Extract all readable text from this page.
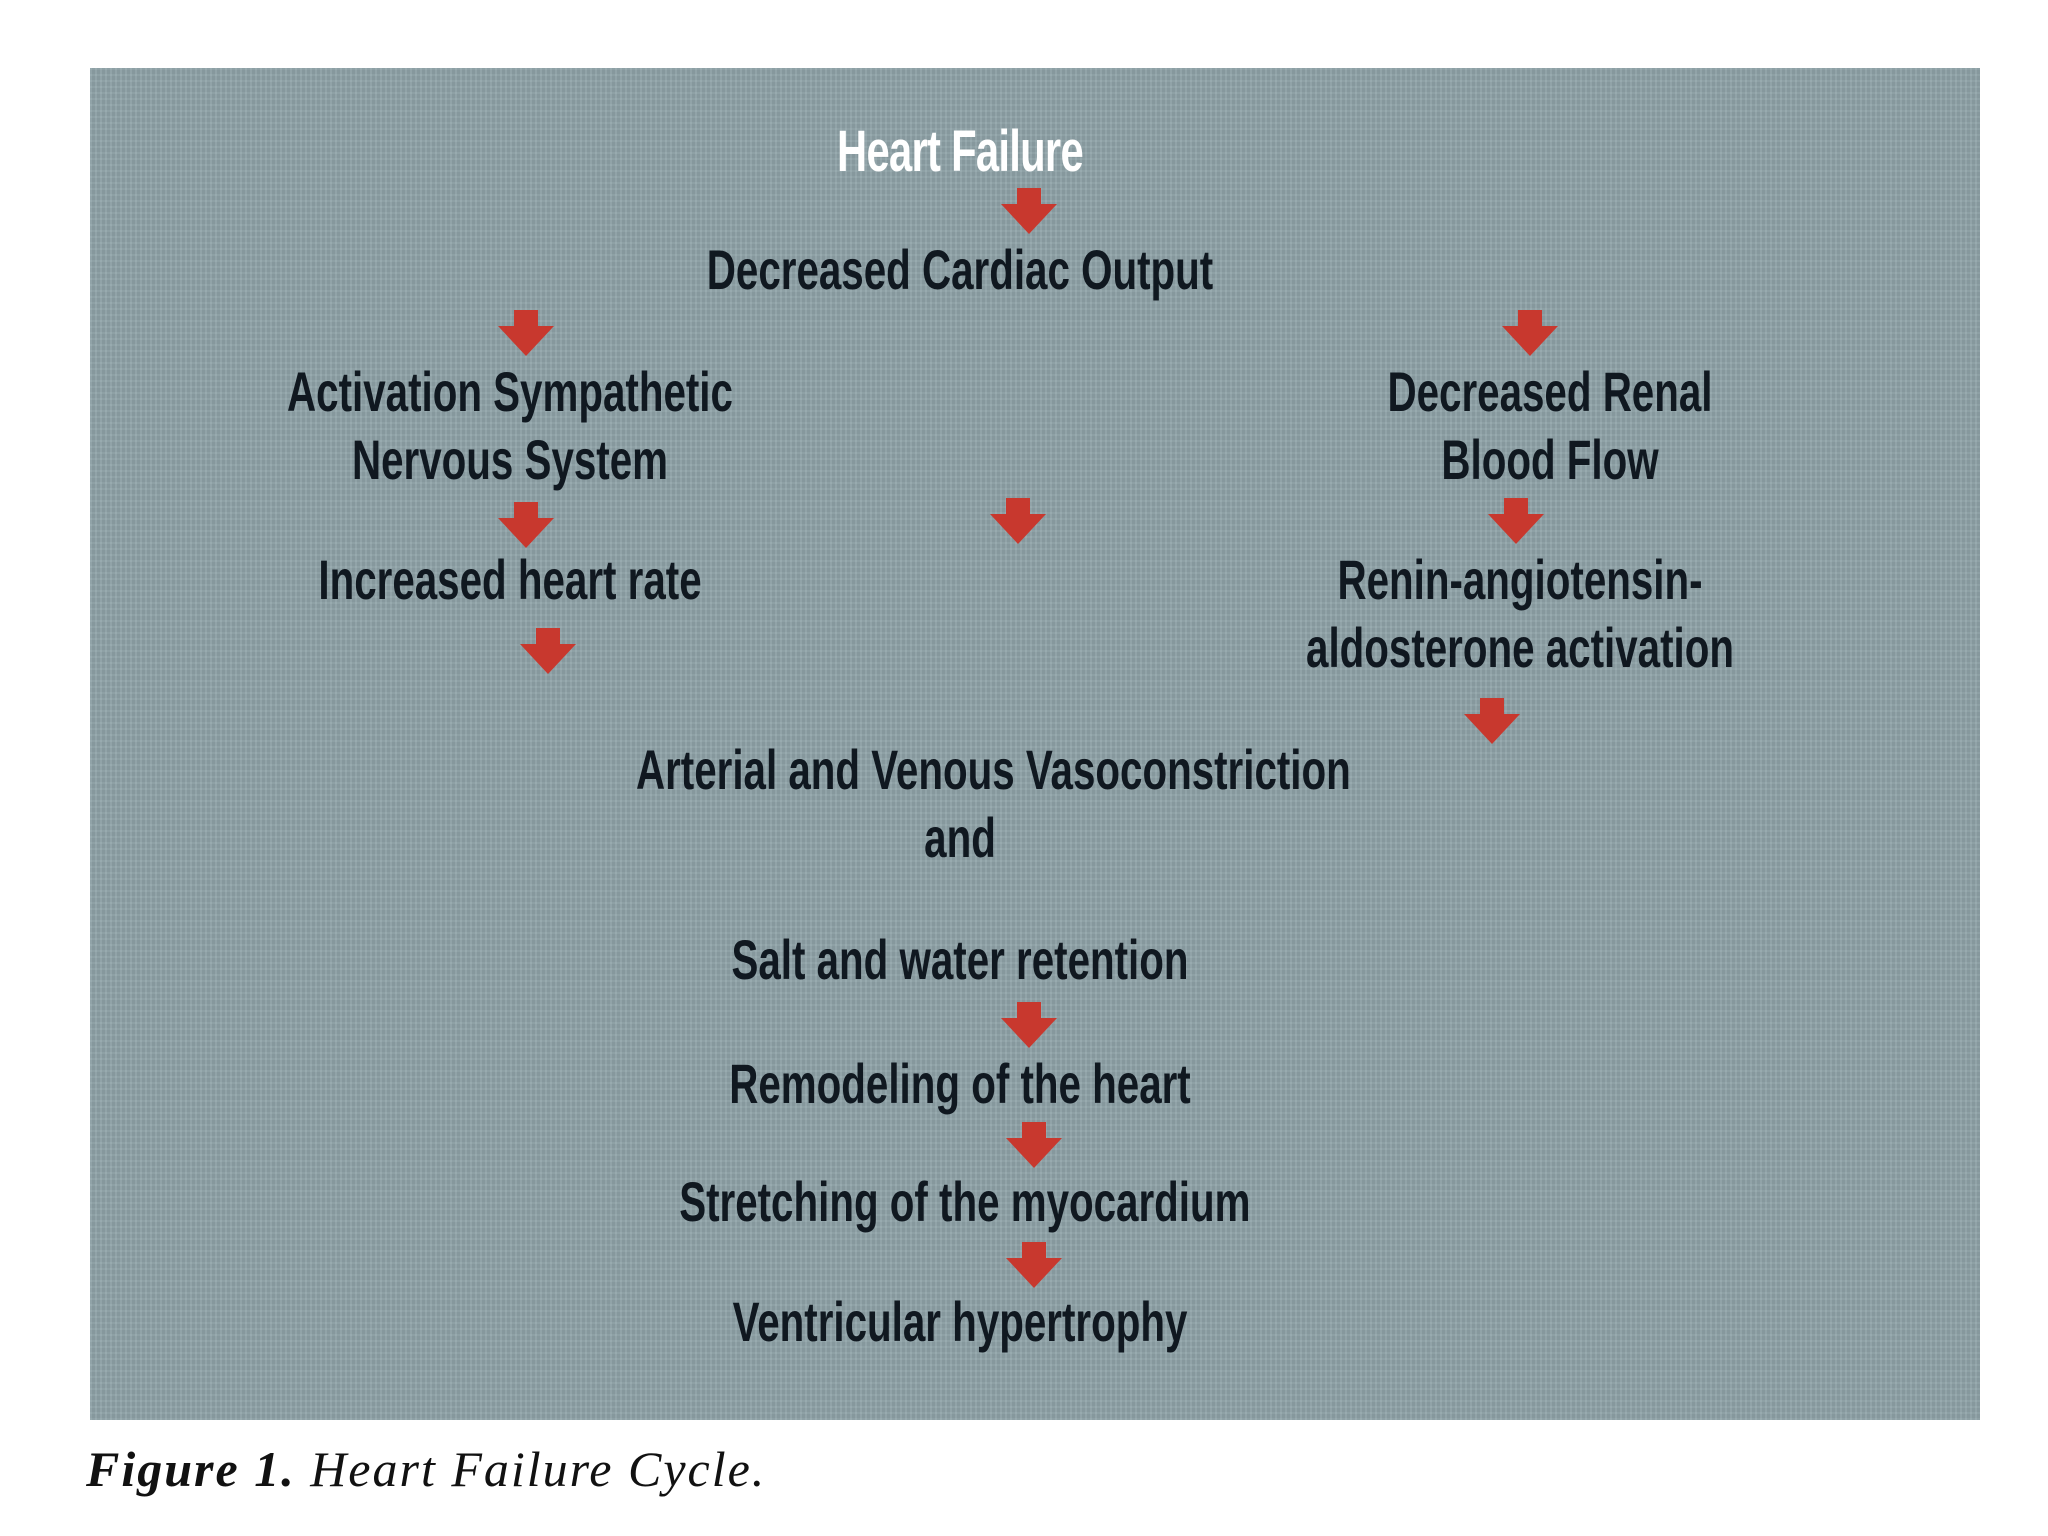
Heart Failure
Decreased Cardiac Output
Activation Sympathetic
Nervous System
Decreased Renal
Blood Flow
Increased heart rate	Renin-angiotensin-
aldosterone activation
Arterial and Venous Vasoconstriction
and
Salt and water retention
Remodeling of the heart
Stretching of the myocardium
Ventricular hypertrophy
Figure 1. Heart Failure Cycle.
